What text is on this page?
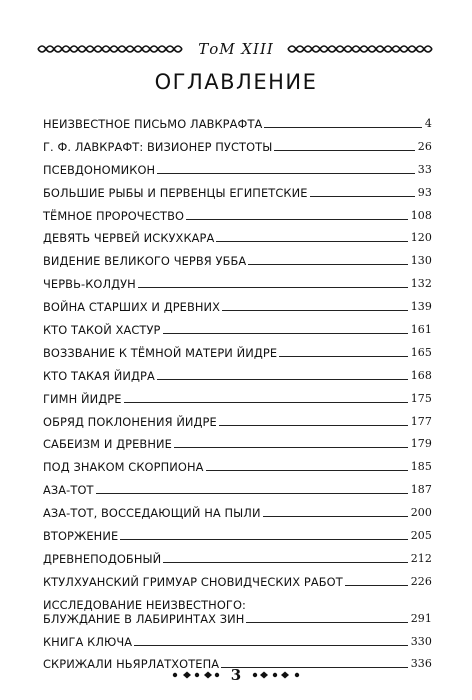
ТоМ XIII
ОГЛАВЛЕНИЕ
НЕИЗВЕСТНОЕ ПИСЬМО ЛАВКРАФТА	4
Г. Ф. ЛАВКРАФТ: ВИЗИОНЕР ПУСТОТЫ	26
ПСЕВДОНОМИКОН	33
БОЛЬШИЕ РЫБЫ И ПЕРВЕНЦЫ ЕГИПЕТСКИЕ	93
ТЁМНОЕ ПРОРОЧЕСТВО	108
ДЕВЯТЬ ЧЕРВЕЙ ИСКУХКАРА	120
ВИДЕНИЕ ВЕЛИКОГО ЧЕРВЯ УББА	130
ЧЕРВЬ-КОЛДУН	132
ВОЙНА СТАРШИХ И ДРЕВНИХ	139
КТО ТАКОЙ ХАСТУР	161
ВОЗЗВАНИЕ К ТЁМНОЙ МАТЕРИ ЙИДРЕ	165
КТО ТАКАЯ ЙИДРА	168
ГИМН ЙИДРЕ	175
ОБРЯД ПОКЛОНЕНИЯ ЙИДРЕ	177
САБЕИЗМ И ДРЕВНИЕ	179
ПОД ЗНАКОМ СКОРПИОНА	185
АЗА-ТОТ	187
АЗА-ТОТ, ВОССЕДАЮЩИЙ НА ПЫЛИ	200
ВТОРЖЕНИЕ	205
ДРЕВНЕПОДОБНЫЙ	212
КТУЛХУАНСКИЙ ГРИМУАР СНОВИДЧЕСКИХ РАБОТ	226
ИССЛЕДОВАНИЕ НЕИЗВЕСТНОГО:
БЛУЖДАНИЕ В ЛАБИРИНТАХ ЗИН	291
КНИГА КЛЮЧА	330
СКРИЖАЛИ НЬЯРЛАТХОТЕПА	336
3
